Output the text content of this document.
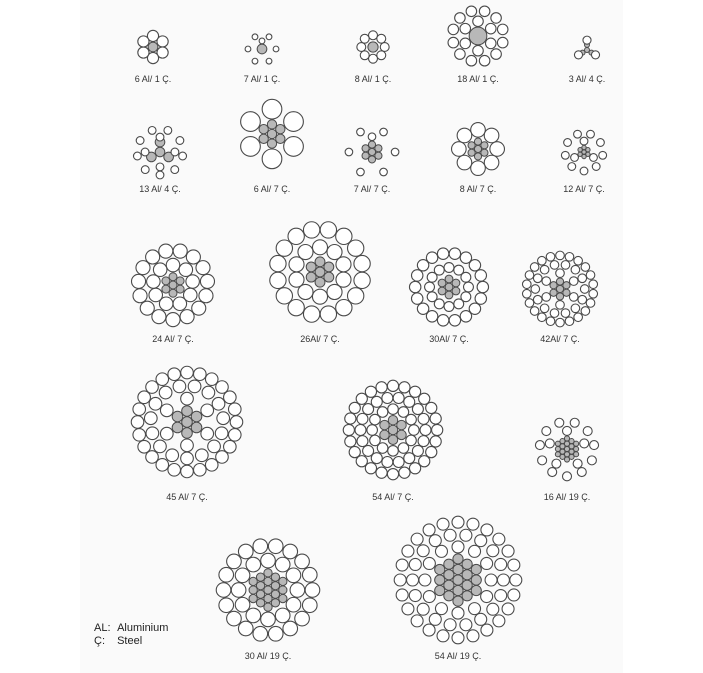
6 Al/ 1 Ç.	7 Al/ 1 Ç.	8 Al/ 1 Ç.	18 Al/ 1 Ç.	3 Al/ 4 Ç.
13 Al/ 4 Ç.	6 Al/ 7 Ç.	7 Al/ 7 Ç.	8 Al/ 7 Ç.	12 Al/ 7 Ç.
24 Al/ 7 Ç.	26Al/ 7 Ç.	30Al/ 7 Ç.	42Al/ 7 Ç.
45 Al/ 7 Ç.	54 Al/ 7 Ç.	16 Al/ 19 Ç.
30 Al/ 19 Ç.	54 Al/ 19 Ç.
AL: Aluminium
Ç: Steel
